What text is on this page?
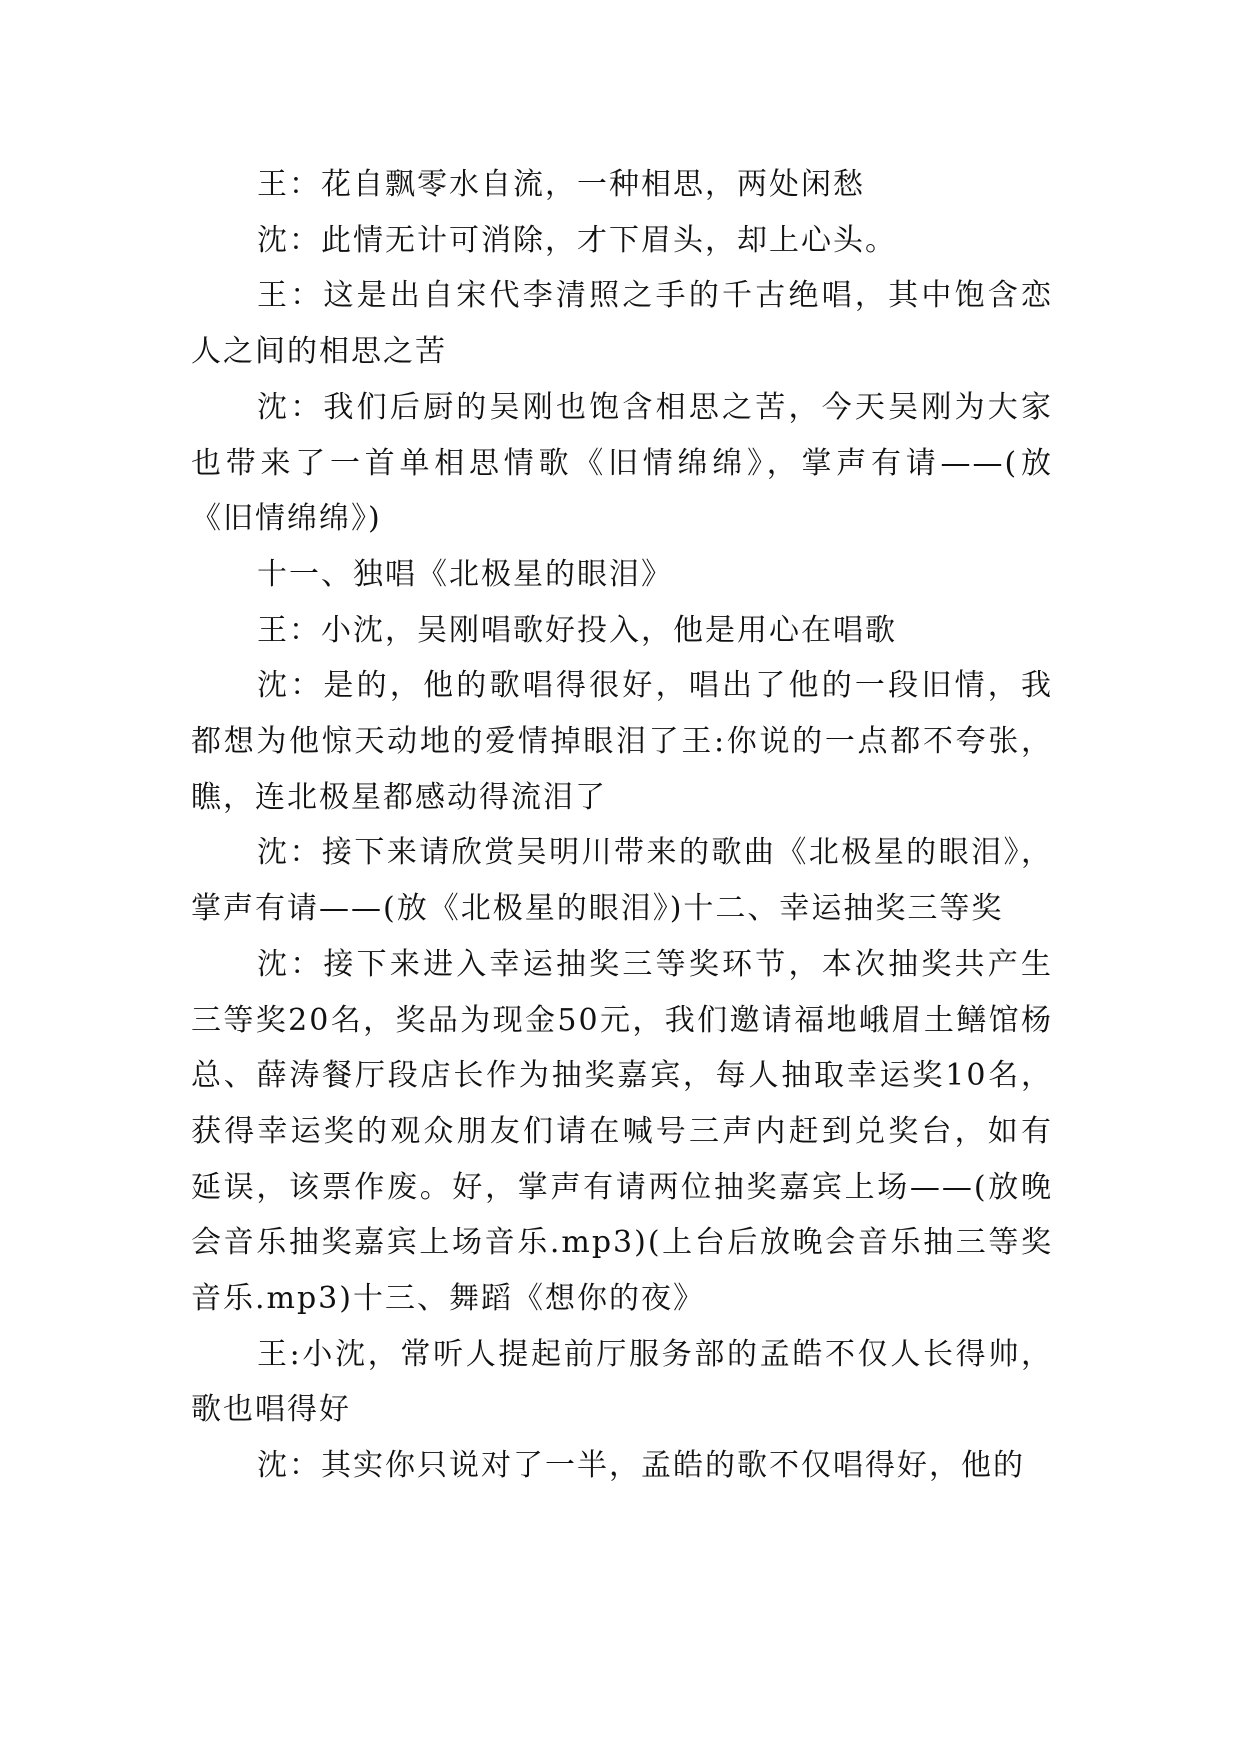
王：花自飘零水自流，一种相思，两处闲愁

沈：此情无计可消除，才下眉头，却上心头。

王：这是出自宋代李清照之手的千古绝唱，其中饱含恋人之间的相思之苦

沈：我们后厨的吴刚也饱含相思之苦，今天吴刚为大家也带来了一首单相思情歌《旧情绵绵》，掌声有请——(放《旧情绵绵》)

十一、独唱《北极星的眼泪》

王：小沈，吴刚唱歌好投入，他是用心在唱歌

沈：是的，他的歌唱得很好，唱出了他的一段旧情，我都想为他惊天动地的爱情掉眼泪了王:你说的一点都不夸张，瞧，连北极星都感动得流泪了

沈：接下来请欣赏吴明川带来的歌曲《北极星的眼泪》，掌声有请——(放《北极星的眼泪》)十二、幸运抽奖三等奖

沈：接下来进入幸运抽奖三等奖环节，本次抽奖共产生三等奖20名，奖品为现金50元，我们邀请福地峨眉土鳝馆杨总、薛涛餐厅段店长作为抽奖嘉宾，每人抽取幸运奖10名，获得幸运奖的观众朋友们请在喊号三声内赶到兑奖台，如有延误，该票作废。好，掌声有请两位抽奖嘉宾上场——(放晚会音乐抽奖嘉宾上场音乐.mp3)(上台后放晚会音乐抽三等奖音乐.mp3)十三、舞蹈《想你的夜》

王:小沈，常听人提起前厅服务部的孟皓不仅人长得帅，歌也唱得好

沈：其实你只说对了一半，孟皓的歌不仅唱得好，他的
